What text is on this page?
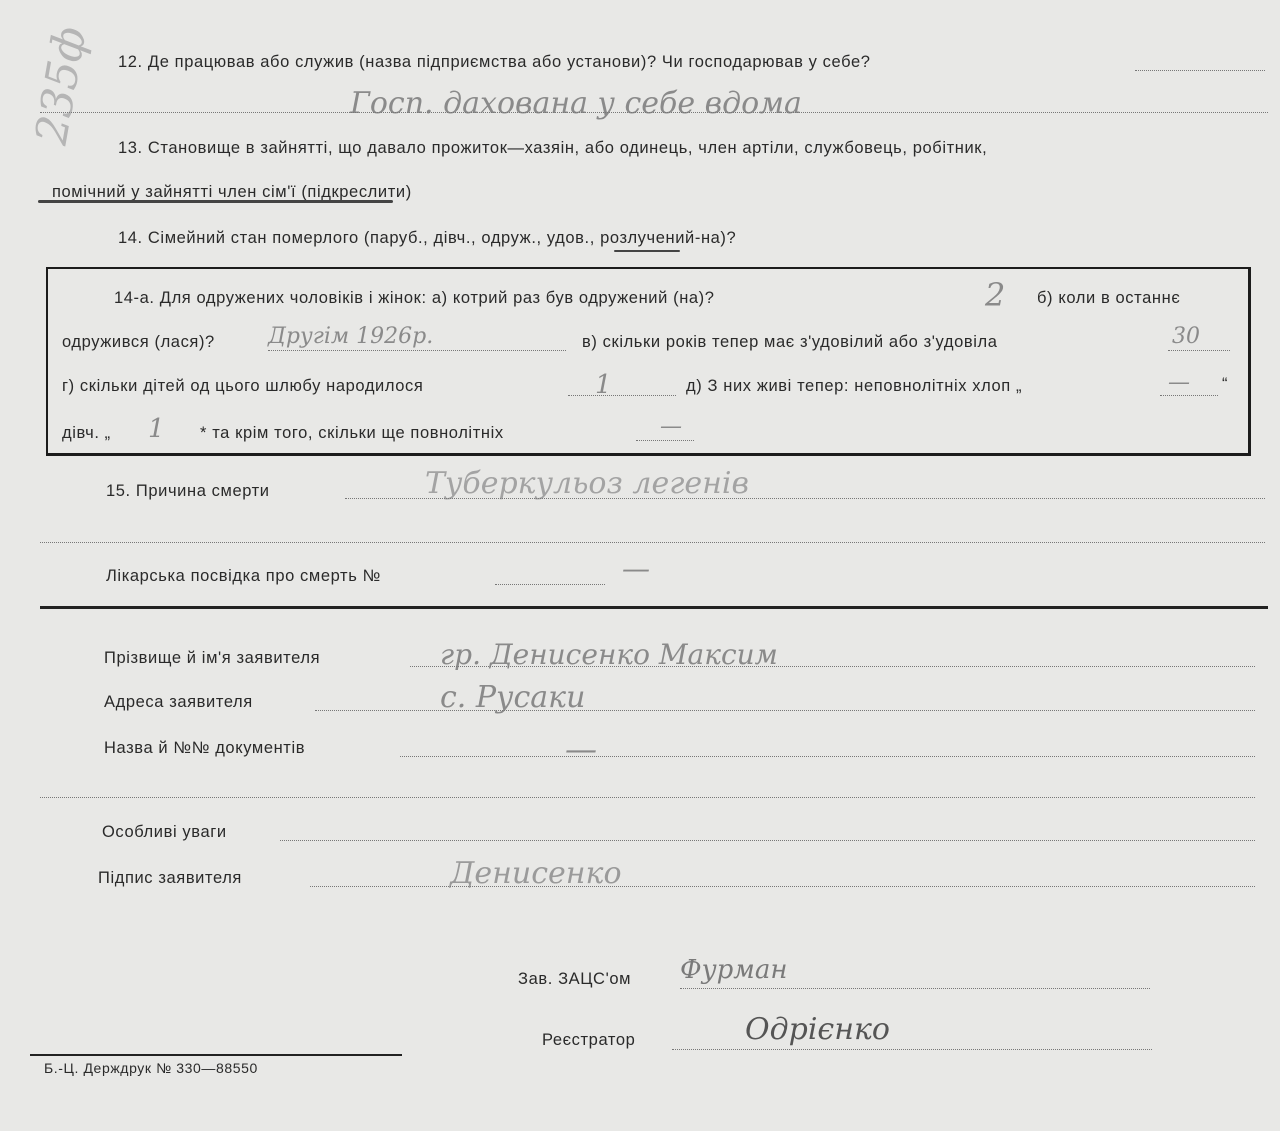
235ф 12. Де працював або служив (назва підприємства або установи)? Чи господарював у себе?
Госп. дахована у себе вдома
13. Становище в зайнятті, що давало прожиток—хазяін, або одинець, член артіли, службовець, робітник,
помічний у зайнятті член сім'ї (підкреслити)
14. Сімейний стан померлого (паруб., дівч., одруж., удов., розлучений-на)?
14-а. Для одружених чоловіків і жінок: а) котрий раз був одружений (на)?	2 б) коли в останнє
одружився (лася)? Другім 1926р.	в) скільки років тепер має з'удовілий або з'удовіла	30
г) скільки дітей од цього шлюбу народилося	1	д) З них живі тепер: неповнолітніх хлоп „	— “
дівч. „ 1 * та крім того, скільки ще повнолітніх	—
15. Причина смерти	Туберкульоз легенів
Лікарська посвідка про смерть №	—
Прізвище й ім'я заявителя	гр. Денисенко Максим
Адреса заявителя	с. Русаки
Назва й №№ документів	—
Особливі уваги
Підпис заявителя	Денисенко
Зав. ЗАЦС'ом Фурман
Реєстратор	Одрієнко
Б.-Ц. Держдрук № 330—88550
